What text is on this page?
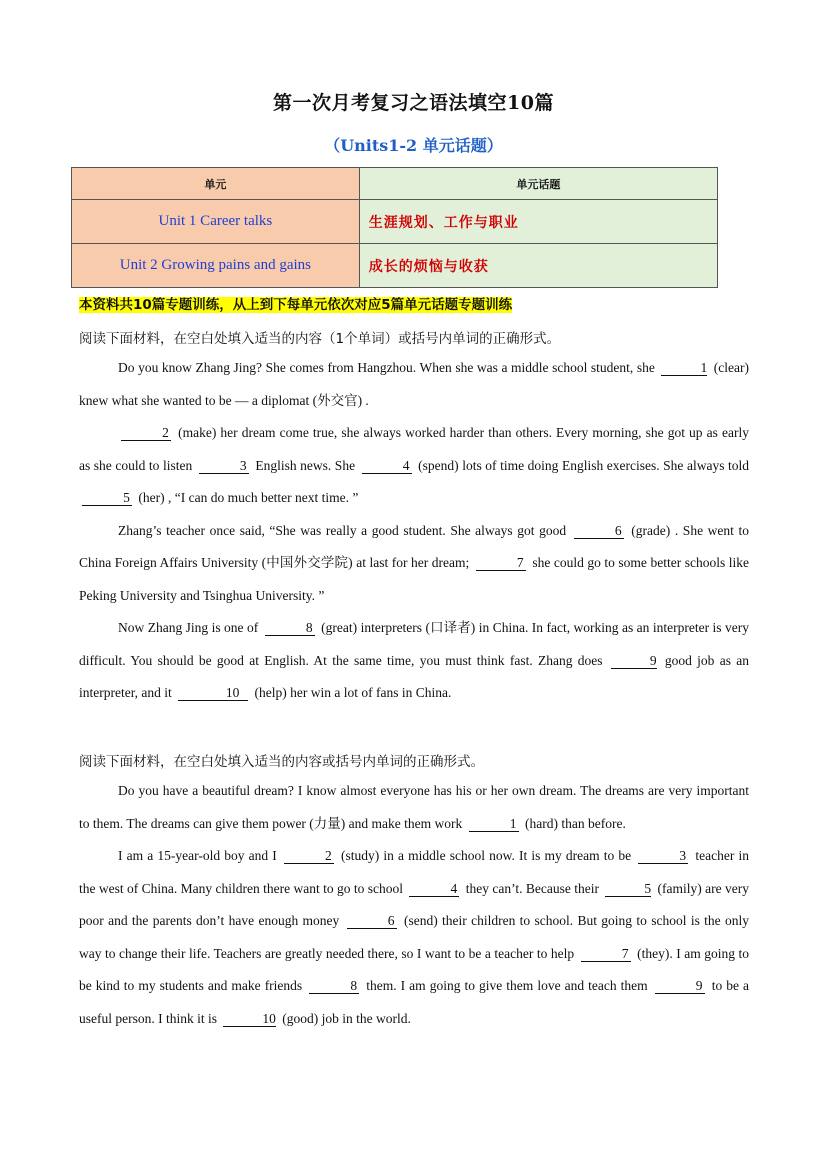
第一次月考复习之语法填空10篇
（Units1-2 单元话题）
单元	单元话题
Unit 1 Career talks	生涯规划、工作与职业
Unit 2 Growing pains and gains	成长的烦恼与收获
本资料共10篇专题训练，从上到下每单元依次对应5篇单元话题专题训练
阅读下面材料，在空白处填入适当的内容（1个单词）或括号内单词的正确形式。

Do you know Zhang Jing? She comes from Hangzhou. When she was a middle school student, she	1 (clear) knew what she wanted to be — a diplomat (外交官) .

2 (make) her dream come true, she always worked harder than others. Every morning, she got up as early as she could to listen	3 English news. She	4 (spend) lots of time doing English exercises. She always told 5 (her) , “I can do much better next time. ”

Zhang’s teacher once said, “She was really a good student. She always got good	6 (grade) . She went to China Foreign Affairs University (中国外交学院) at last for her dream;	7 she could go to some better schools like Peking University and Tsinghua University. ”

Now Zhang Jing is one of	8 (great) interpreters (口译者) in China. In fact, working as an interpreter is very difficult. You should be good at English. At the same time, you must think fast. Zhang does	9 good job as an interpreter, and it	10 (help) her win a lot of fans in China.

阅读下面材料，在空白处填入适当的内容或括号内单词的正确形式。

Do you have a beautiful dream? I know almost everyone has his or her own dream. The dreams are very important to them. The dreams can give them power (力量) and make them work	1 (hard) than before.

I am a 15-year-old boy and I	2 (study) in a middle school now. It is my dream to be	3 teacher in the west of China. Many children there want to go to school	4 they can’t. Because their	5 (family) are very poor and the parents don’t have enough money	6 (send) their children to school. But going to school is the only way to change their life. Teachers are greatly needed there, so I want to be a teacher to help	7 (they). I am going to be kind to my students and make friends	8 them. I am going to give them love and teach them	9 to be a useful person. I think it is	10 (good) job in the world.
